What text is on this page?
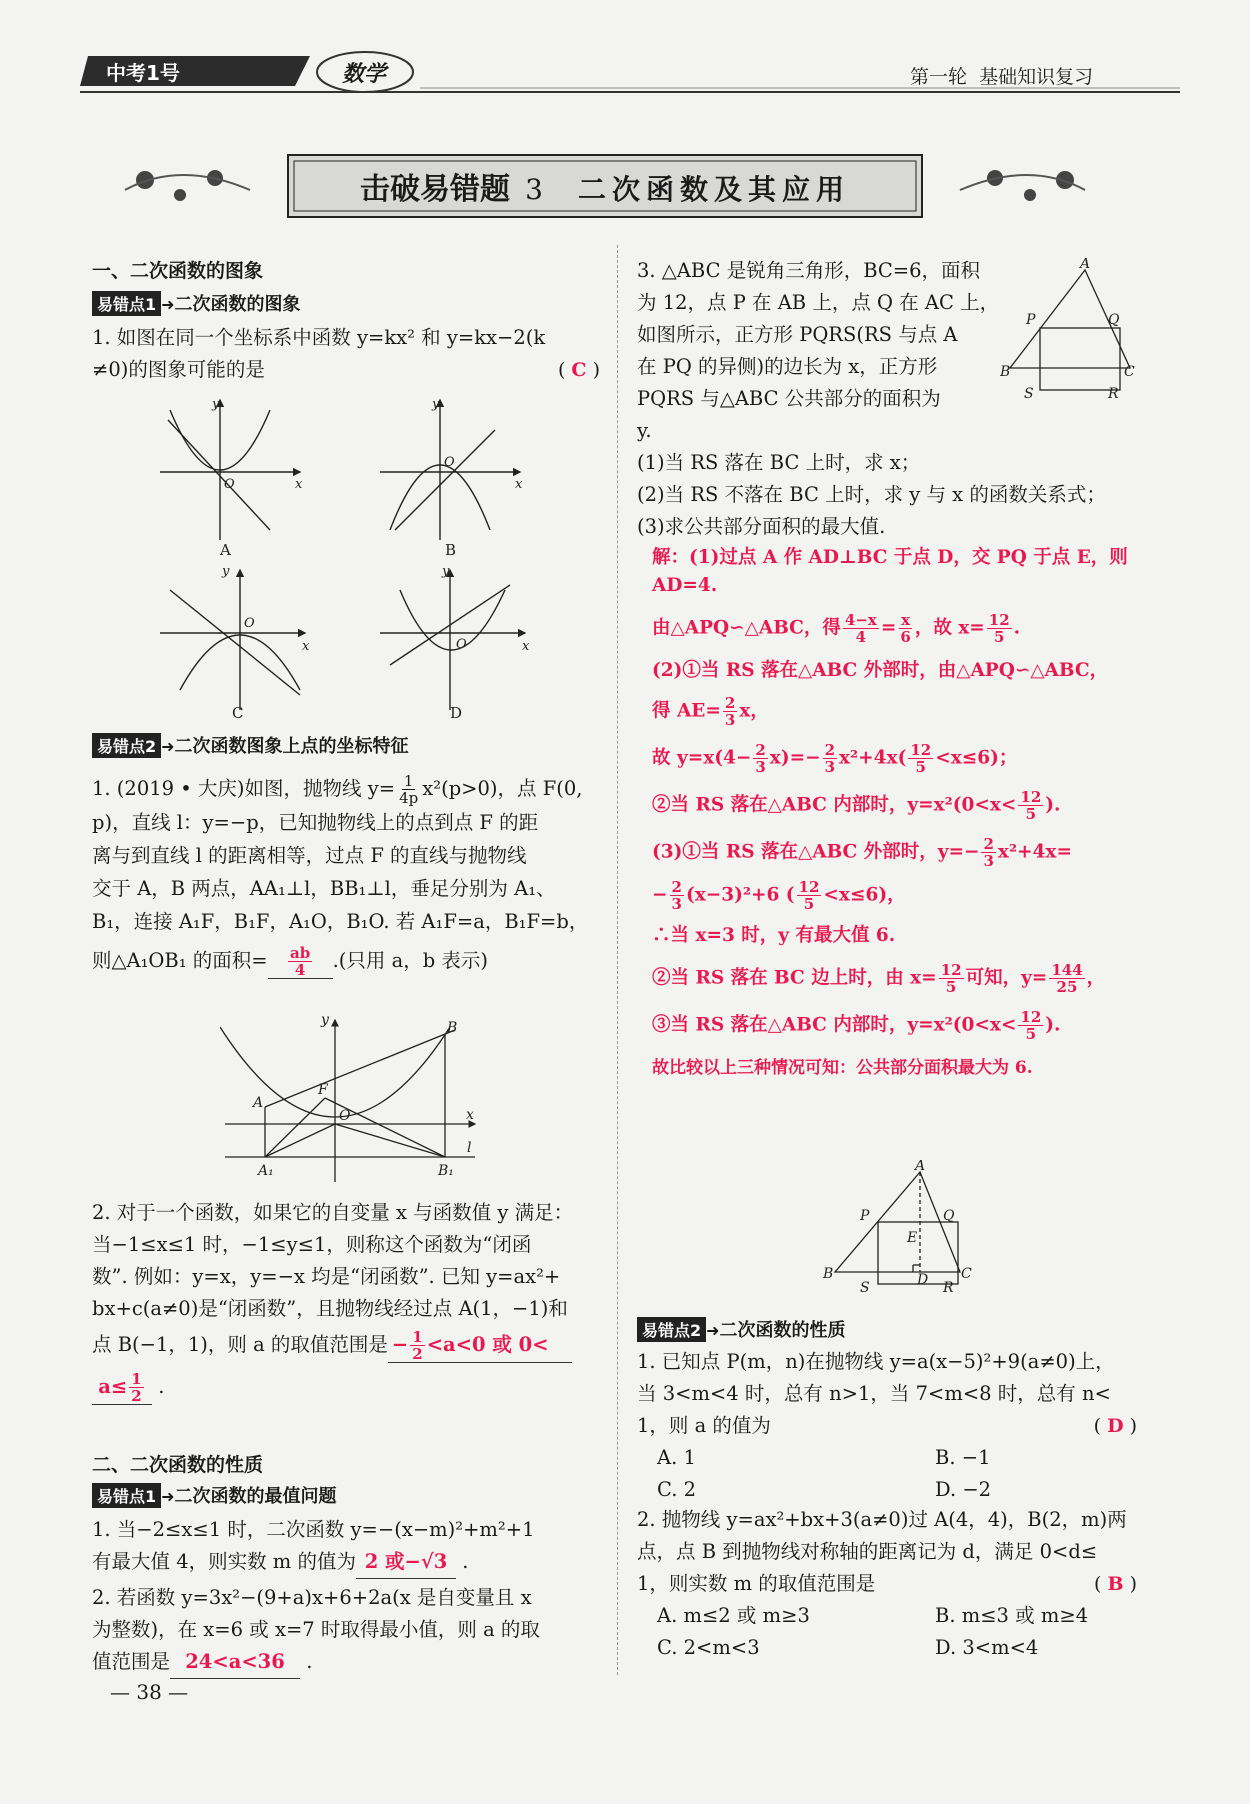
中考1号	数学	第一轮  基础知识复习
击破易错题 3 二次函数及其应用
一、二次函数的图象
易错点1 ➜二次函数的图象
1. 如图在同一个坐标系中函数 y=kx² 和 y=kx−2(k
≠0)的图象可能的是	( C )
y
x
O
y
x
O
y
x
O
y
x
O
A	B
C	D
易错点2 ➜二次函数图象上点的坐标特征
1. (2019 • 大庆)如图，抛物线 $y= \frac{1}{4p} x^2(p>0)$，点 F(0,
p)，直线 l：y=−p，已知抛物线上的点到点 F 的距
离与到直线 l 的距离相等，过点 F 的直线与抛物线
交于 A，B 两点，AA₁⊥l，BB₁⊥l，垂足分别为 A₁、
B₁，连接 A₁F，B₁F，A₁O，B₁O. 若 A₁F=a，B₁F=b，
则△A₁OB₁ 的面积= $\frac{ab}{4}$ .(只用 a，b 表示)
y	B
A
F
O	x
l
A₁	B₁
2. 对于一个函数，如果它的自变量 x 与函数值 y 满足：
当−1≤x≤1 时，−1≤y≤1，则称这个函数为“闭函
数”. 例如：y=x，y=−x 均是“闭函数”. 已知 y=ax²+
bx+c(a≠0)是“闭函数”，且抛物线经过点 A(1，−1)和
点 B(−1，1)，则 a 的取值范围是 − $\frac{1}{2} <a<0$ 或 0<
$a\le \frac{1}{2}$ .
二、二次函数的性质
易错点1 ➜二次函数的最值问题
1. 当−2≤x≤1 时，二次函数 y=−(x−m)²+m²+1
有最大值 4，则实数 m 的值为 2 或−√3 .
2. 若函数 y=3x²−(9+a)x+6+2a(x 是自变量且 x
为整数)，在 x=6 或 x=7 时取得最小值，则 a 的取
值范围是 24<a<36 .
— 38 —
3. △ABC 是锐角三角形，BC=6，面积
为 12，点 P 在 AB 上，点 Q 在 AC 上，
如图所示，正方形 PQRS(RS 与点 A
在 PQ 的异侧)的边长为 x，正方形
PQRS 与△ABC 公共部分的面积为
y.
A
P	Q
B	C
S	R
(1)当 RS 落在 BC 上时，求 x；
(2)当 RS 不落在 BC 上时，求 y 与 x 的函数关系式；
(3)求公共部分面积的最大值.
解：(1)过点 A 作 AD⊥BC 于点 D，交 PQ 于点 E，则
AD=4.
由△APQ∽△ABC，得 $\frac{4-x}{4} = \frac{x}{6}$ ，故 $x= \frac{12}{5}$ .
(2)①当 RS 落在△ABC 外部时，由△APQ∽△ABC，
得 $AE= \frac{2}{3}$ x，
故 $y=x(4- \frac{2}{3} x)=- \frac{2}{3} x^2+4x( \frac{12}{5} <x\le 6)$；
②当 RS 落在△ABC 内部时，$y=x^2(0<x< \frac{12}{5}$ ).
(3)①当 RS 落在△ABC 外部时，$y=- \frac{2}{3} x^2+4x=$
− $\frac{2}{3} (x-3)^2+6$ ( $\frac{12}{5} <x\le 6$)，
∴当 x=3 时，y 有最大值 6.
②当 RS 落在 BC 边上时，由 $x= \frac{12}{5}$ 可知，$y= \frac{144}{25}$ ，
③当 RS 落在△ABC 内部时，$y=x^2(0<x< \frac{12}{5}$ ).
故比较以上三种情况可知：公共部分面积最大为 6.
A
P	Q
E
B
S	D R
C
易错点2 ➜二次函数的性质
1. 已知点 P(m，n)在抛物线 y=a(x−5)²+9(a≠0)上，
当 3<m<4 时，总有 n>1，当 7<m<8 时，总有 n<
1，则 a 的值为	( D )
A. 1	B. −1
C. 2	D. −2
2. 抛物线 y=ax²+bx+3(a≠0)过 A(4，4)，B(2，m)两
点，点 B 到抛物线对称轴的距离记为 d，满足 0<d≤
1，则实数 m 的取值范围是	( B )
A. m≤2 或 m≥3	B. m≤3 或 m≥4
C. 2<m<3	D. 3<m<4
